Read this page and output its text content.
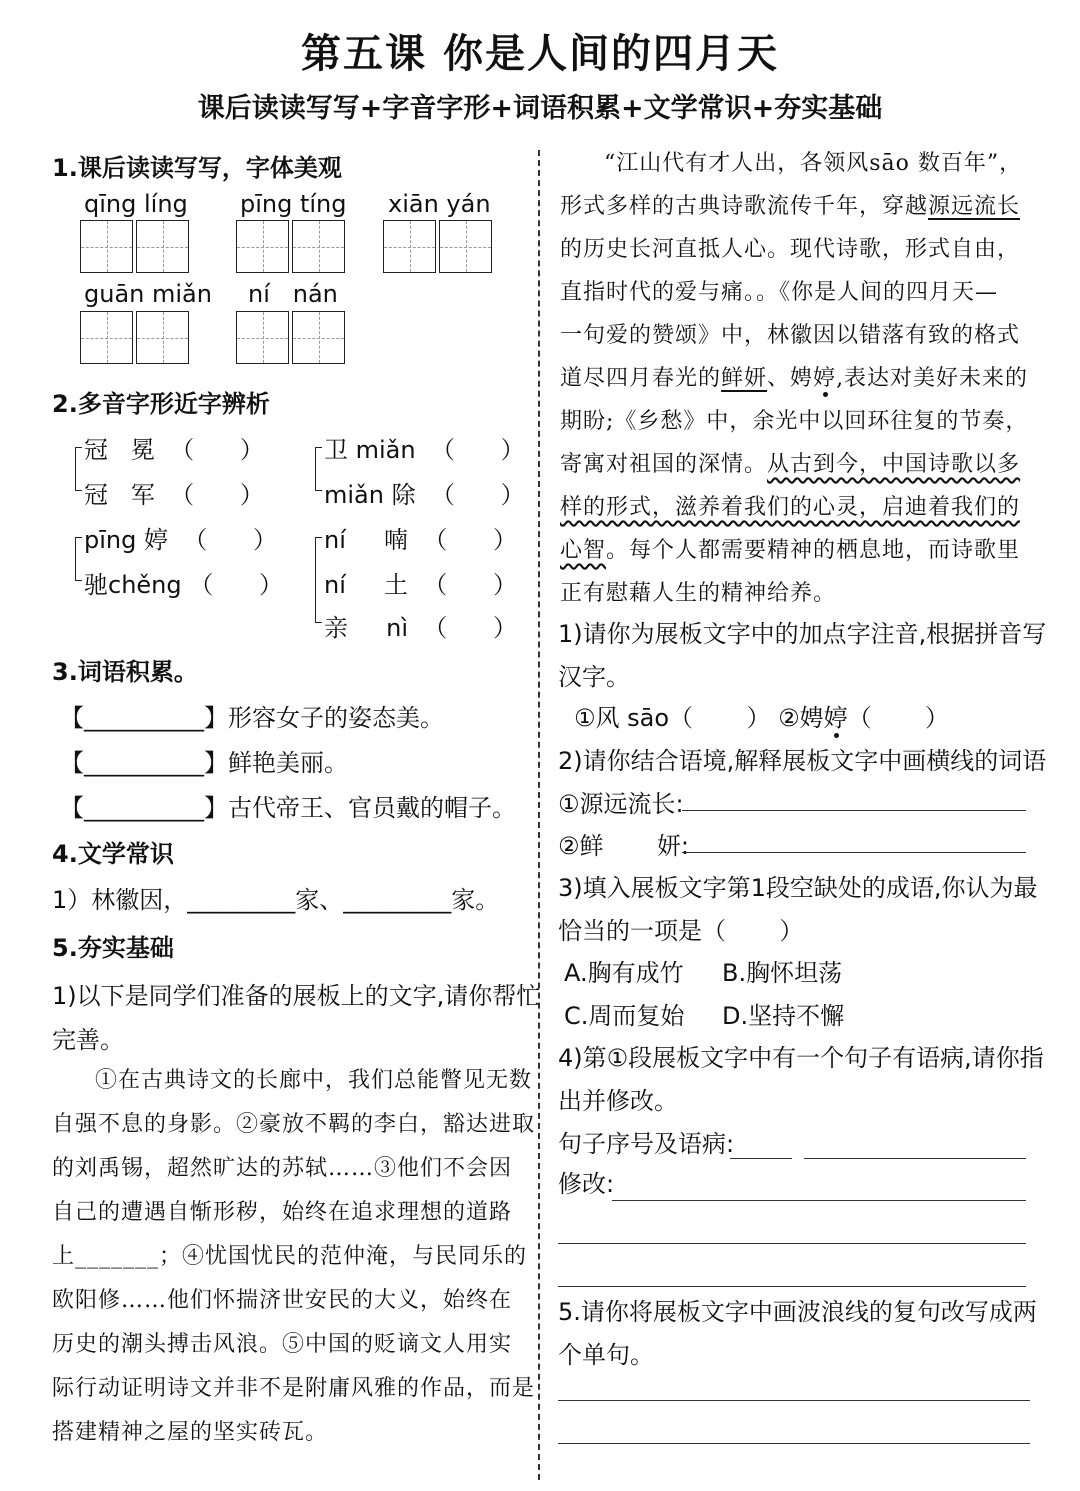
第五课 你是人间的四月天
课后读读写写+字音字形+词语积累+文学常识+夯实基础
1.课后读读写写，字体美观
qīng líng pīng tíng xiān yán
guān miǎn ní   nán
2.多音字形近字辨析
冠   冕  （      ）
冠   军  （      ）
pīng 婷  （      ）
驰chěng （      ）
卫 miǎn  （      ）
miǎn 除  （      ）
ní     喃  （      ）
ní     土  （      ）
亲     nì  （      ）
3.词语积累。
【__________】形容女子的姿态美。
【__________】鲜艳美丽。
【__________】古代帝王、官员戴的帽子。
4.文学常识
1）林徽因，_________家、_________家。
5.夯实基础
1)以下是同学们准备的展板上的文字,请你帮忙
完善。
①在古典诗文的长廊中，我们总能瞥见无数
自强不息的身影。②豪放不羁的李白，豁达进取
的刘禹锡，超然旷达的苏轼……③他们不会因
自己的遭遇自惭形秽，始终在追求理想的道路
上_______；④忧国忧民的范仲淹，与民同乐的
欧阳修……他们怀揣济世安民的大义，始终在
历史的潮头搏击风浪。⑤中国的贬谪文人用实
际行动证明诗文并非不是附庸风雅的作品，而是
搭建精神之屋的坚实砖瓦。
“江山代有才人出，各领风sāo 数百年”，
形式多样的古典诗歌流传千年，穿越源远流长
的历史长河直抵人心。现代诗歌，形式自由，
直指时代的爱与痛。。《你是人间的四月天—
一句爱的赞颂》中，林徽因以错落有致的格式
道尽四月春光的鲜妍、娉婷,表达对美好未来的
期盼;《乡愁》中，余光中以回环往复的节奏，
寄寓对祖国的深情。从古到今，中国诗歌以多
样的形式，滋养着我们的心灵，启迪着我们的
心智。每个人都需要精神的栖息地，而诗歌里
正有慰藉人生的精神给养。
1)请你为展板文字中的加点字注音,根据拼音写
汉字。
①风 sāo（       ） ②娉婷（       ）
2)请你结合语境,解释展板文字中画横线的词语
①源远流长:
②鲜       妍:
3)填入展板文字第1段空缺处的成语,你认为最
恰当的一项是（       ）
A.胸有成竹 B.胸怀坦荡
C.周而复始 D.坚持不懈
4)第①段展板文字中有一个句子有语病,请你指
出并修改。
句子序号及语病:
修改:
5.请你将展板文字中画波浪线的复句改写成两
个单句。
